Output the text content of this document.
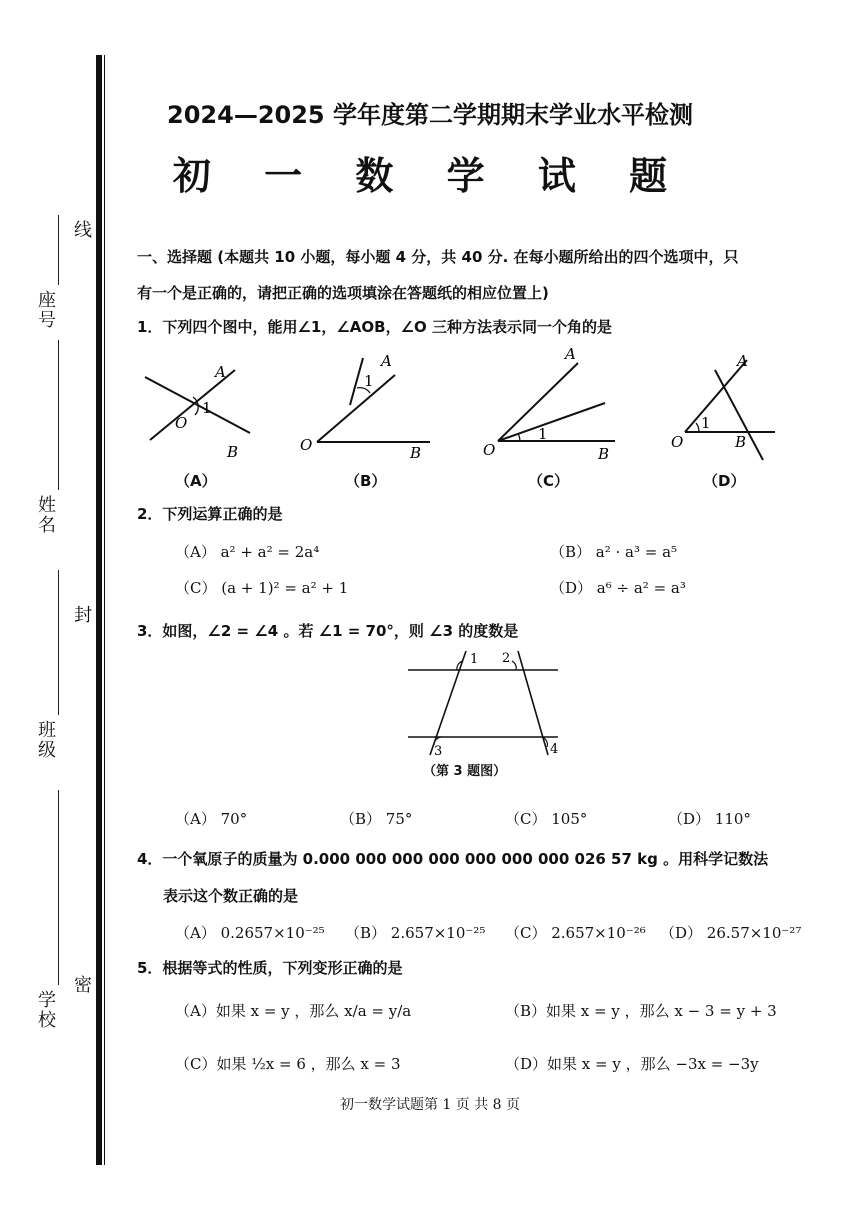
线
封
密
座号
姓名
班级
学校
2024—2025 学年度第二学期期末学业水平检测
初 一 数 学 试 题
一、选择题 (本题共 10 小题，每小题 4 分，共 40 分. 在每小题所给出的四个选项中，只
有一个是正确的，请把正确的选项填涂在答题纸的相应位置上)
1．下列四个图中，能用∠1，∠AOB，∠O 三种方法表示同一个角的是
A
1
O
B
（A）
A
1
O	B
（B）
A
1
O	B
（C）
A
1
O	B
（D）
2．下列运算正确的是
（A） a² + a² = 2a⁴	（B） a² · a³ = a⁵
（C） (a + 1)² = a² + 1	（D） a⁶ ÷ a² = a³
3．如图，∠2 = ∠4 。若 ∠1 = 70°，则 ∠3 的度数是
1 2
3	4
（第 3 题图）
（A） 70°	（B） 75°	（C） 105°	（D） 110°
4．一个氧原子的质量为 0.000 000 000 000 000 000 000 026 57 kg 。用科学记数法
表示这个数正确的是
（A） 0.2657×10⁻²⁵ （B） 2.657×10⁻²⁵ （C） 2.657×10⁻²⁶ （D） 26.57×10⁻²⁷
5．根据等式的性质，下列变形正确的是
（A）如果 x = y ，那么 x/a = y/a	（B）如果 x = y ，那么 x − 3 = y + 3
（C）如果 ½x = 6 ，那么 x = 3	（D）如果 x = y ，那么 −3x = −3y
初一数学试题第 1 页 共 8 页
